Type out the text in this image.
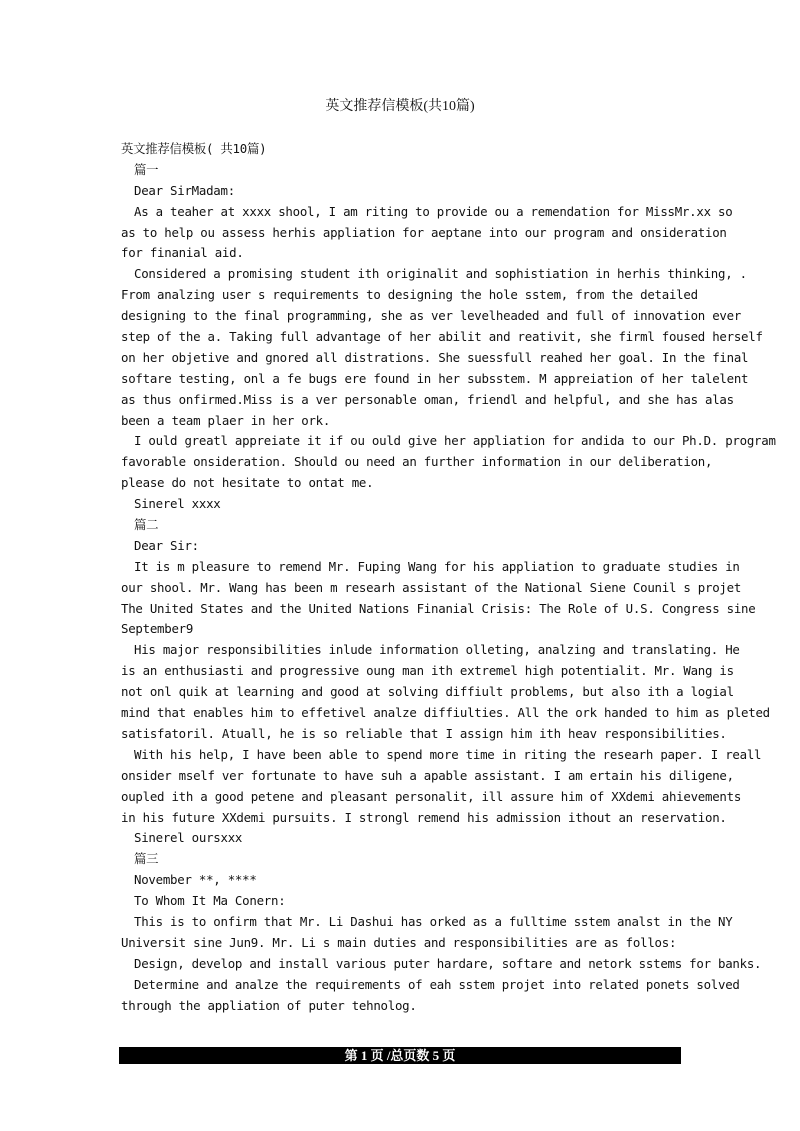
英文推荐信模板(共10篇)
英文推荐信模板( 共10篇)
篇一
Dear SirMadam:
As a teaher at xxxx shool, I am riting to provide ou a remendation for MissMr.xx so
as to help ou assess herhis appliation for aeptane into our program and onsideration
for finanial aid.
Considered a promising student ith originalit and sophistiation in herhis thinking, .
From analzing user s requirements to designing the hole sstem, from the detailed
designing to the final programming, she as ver levelheaded and full of innovation ever
step of the a. Taking full advantage of her abilit and reativit, she firml foused herself
on her objetive and gnored all distrations. She suessfull reahed her goal. In the final
softare testing, onl a fe bugs ere found in her subsstem. M appreiation of her talelent
as thus onfirmed.Miss is a ver personable oman, friendl and helpful, and she has alas
been a team plaer in her ork.
I ould greatl appreiate it if ou ould give her appliation for andida to our Ph.D. program
favorable onsideration. Should ou need an further information in our deliberation,
please do not hesitate to ontat me.
Sinerel xxxx
篇二
Dear Sir:
It is m pleasure to remend Mr. Fuping Wang for his appliation to graduate studies in
our shool. Mr. Wang has been m researh assistant of the National Siene Counil s projet
The United States and the United Nations Finanial Crisis: The Role of U.S. Congress sine
September9
His major responsibilities inlude information olleting, analzing and translating. He
is an enthusiasti and progressive oung man ith extremel high potentialit. Mr. Wang is
not onl quik at learning and good at solving diffiult problems, but also ith a logial
mind that enables him to effetivel analze diffiulties. All the ork handed to him as pleted
satisfatoril. Atuall, he is so reliable that I assign him ith heav responsibilities.
With his help, I have been able to spend more time in riting the researh paper. I reall
onsider mself ver fortunate to have suh a apable assistant. I am ertain his diligene,
oupled ith a good petene and pleasant personalit, ill assure him of XXdemi ahievements
in his future XXdemi pursuits. I strongl remend his admission ithout an reservation.
Sinerel oursxxx
篇三
November **, ****
To Whom It Ma Conern:
This is to onfirm that Mr. Li Dashui has orked as a fulltime sstem analst in the NY
Universit sine Jun9. Mr. Li s main duties and responsibilities are as follos:
Design, develop and install various puter hardare, softare and netork sstems for banks.
Determine and analze the requirements of eah sstem projet into related ponets solved
through the appliation of puter tehnolog.
第 1 页 /总页数 5 页
